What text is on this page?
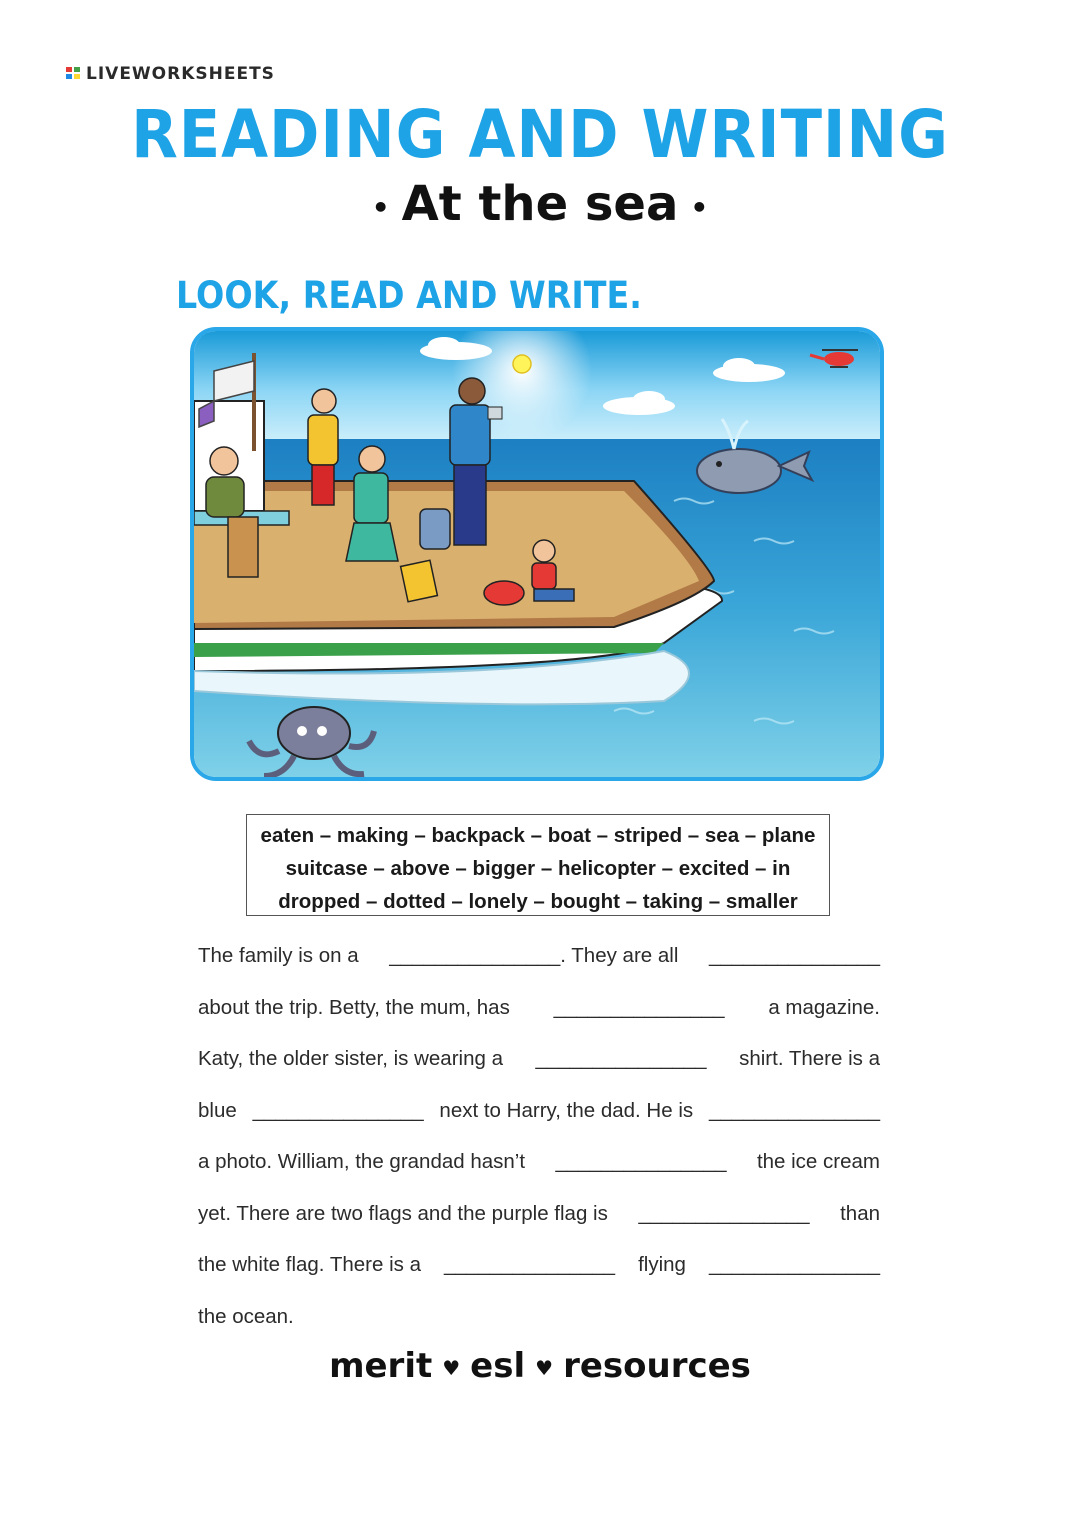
LIVEWORKSHEETS
READING AND WRITING
• At the sea •
LOOK, READ AND WRITE.
eaten – making – backpack – boat – striped – sea – plane
suitcase – above – bigger – helicopter – excited – in
dropped – dotted – lonely – bought – taking – smaller
The family is on a _______________. They are all _______________
about the trip. Betty, the mum, has _______________ a magazine.
Katy, the older sister, is wearing a _______________ shirt. There is a
blue _______________ next to Harry, the dad. He is _______________
a photo. William, the grandad hasn’t _______________ the ice cream
yet. There are two flags and the purple flag is _______________ than
the white flag. There is a _______________ flying _______________
the ocean.
merit ♥ esl ♥ resources
